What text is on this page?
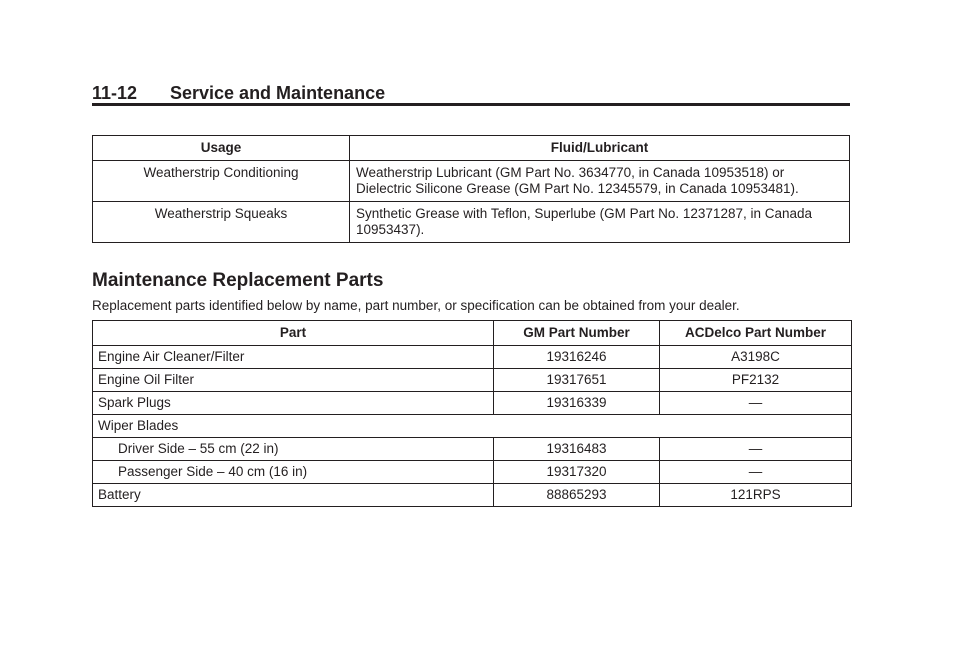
11-12 Service and Maintenance
Usage	Fluid/Lubricant
Weatherstrip Conditioning	Weatherstrip Lubricant (GM Part No. 3634770, in Canada 10953518) or Dielectric Silicone Grease (GM Part No. 12345579, in Canada 10953481).
Weatherstrip Squeaks	Synthetic Grease with Teflon, Superlube (GM Part No. 12371287, in Canada 10953437).
Maintenance Replacement Parts
Replacement parts identified below by name, part number, or specification can be obtained from your dealer.
Part	GM Part Number	ACDelco Part Number
Engine Air Cleaner/Filter	19316246	A3198C
Engine Oil Filter	19317651	PF2132
Spark Plugs	19316339	—
Wiper Blades		
Driver Side – 55 cm (22 in)	19316483	—
Passenger Side – 40 cm (16 in)	19317320	—
Battery	88865293	121RPS
